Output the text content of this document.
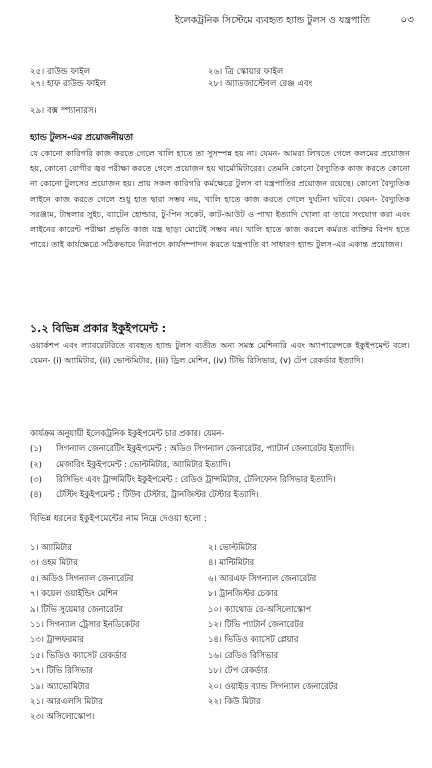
ইলেকট্রনিক সিস্টেমে ব্যবহৃত হ্যান্ড টুলস ও যন্ত্রপাতি	০৩
২৫। রাউন্ড ফাইল	২৬। ত্রি স্কোয়ার ফাইল
২৭। হাফ রাউন্ড ফাইল	২৮। অ্যাডজাস্টেবল রেঞ্জ এবং
২৯। বক্স স্প্যানারস।
হ্যান্ড টুলস-এর প্রয়োজনীয়তা

যে কোনো কারিগরি কাজ করতে গেলে খালি হাতে তা সুসম্পন্ন হয় না। যেমন- আমরা লিখতে গেলে কলমের প্রয়োজন হয়, কোনো রোগীর জ্বর পরীক্ষা করতে গেলে প্রয়োজন হয় থার্মোমিটারের। তেমনি কোনো বৈদ্যুতিক কাজ করতে কোনো না কোনো টুলসের প্রয়োজন হয়। প্রায় সকল কারিগরি কর্মক্ষেত্রে টুলস বা যন্ত্রপাতির প্রয়োজন রয়েছে। কোনো বৈদ্যুতিক লাইনে কাজ করতে গেলে শুধু হাত দ্বারা সম্ভব নয়, খালি হাতে কাজ করতে গেলে দুর্ঘটনা ঘটবে। যেমন- বৈদ্যুতিক সরঞ্জাম, টাম্বলার সুইচ, ব্যাটেন হোল্ডার, টু-পিন সকেট, কাট-আউট ও পাখা ইত্যাদি খোলা বা তারে সংযোগ করা এবং লাইনের কারেন্ট পরীক্ষা প্রভৃতি কাজ যন্ত্র ছাড়া মোটেই সম্ভব নয়। খালি হাতে কাজ করলে কর্মরত ব্যক্তির বিপদ হতে পারে। তাই কার্যক্ষেত্রে সঠিকভাবে নিরাপদে কার্যসম্পাদন করতে যন্ত্রপাতি বা সাধারণ হ্যান্ড টুলস-এর একান্ত প্রয়োজন।

১.২ বিভিন্ন প্রকার ইকুইপমেন্ট :

ওয়ার্কশপ এবং ল্যাবরেটরিতে ব্যবহৃত হ্যান্ড টুলস ব্যতীত অন্য সমস্ত মেশিনারি এবং অ্যাপারেন্সকে ইকুইপমেন্ট বলে। যেমন- (i) অ্যামিটার, (ii) ভোল্টমিটার, (iii) ড্রিল মেশিন, (iv) টিভি রিসিভার, (v) টেপ রেকর্ডার ইত্যাদি।

কার্যক্রম অনুযায়ী ইলেকট্রনিক ইকুইপমেন্ট চার প্রকার। যেমন-
(১)	সিগন্যাল জেনারেটিং ইকুইপমেন্ট : অডিও সিগন্যাল জেনারেটর, প্যাটার্ন জেনারেটর ইত্যাদি।
(২)	মেজারিং ইকুইপমেন্ট : ভোল্টমিটার, অ্যামিটার ইত্যাদি।
(৩)	রিসিভিং এবং ট্রান্সমিটিং ইকুইপমেন্ট : রেডিও ট্রান্সমিটার, টেলিফোন রিসিভার ইত্যাদি।
(৪)	টেস্টিং ইকুইপমেন্ট : টিউব টেস্টার, ট্রানজিস্টর টেস্টার ইত্যাদি।
বিভিন্ন ধরনের ইকুইপমেন্টের নাম নিম্নে দেওয়া হলো :
১। অ্যামিটার	২। ভোল্টমিটার
৩। ওহম মিটার	৪। মাল্টিমিটার
৫। অডিও সিগন্যাল জেনারেটর	৬। আরএফ সিগন্যাল জেনারেটর
৭। কয়েল ওয়াইন্ডিং মেশিন	৮। ট্রানজিস্টর চেকার
৯। টিভি সুয়েমার জেনারেটর	১০। ক্যাথোড রে-অসিলোস্কোপ
১১। সিগন্যাল ট্রেসার ইনডিকেটর	১২। টিভি প্যাটার্ন জেনারেটর
১৩। ট্রান্সফরমার	১৪। ভিডিও ক্যাসেট প্লেয়ার
১৫। ভিডিও ক্যাসেট রেকর্ডার	১৬। রেডিও রিসিভার
১৭। টিভি রিসিভার	১৮। টেপ রেকর্ডার
১৯। অ্যাভোমিটার	২০। ওয়াইড ব্যান্ড সিগন্যাল জেনারেটর
২১। আরএলসি মিটার	২২। কিউ মিটার
২৩। অসিলোস্কোপ।
